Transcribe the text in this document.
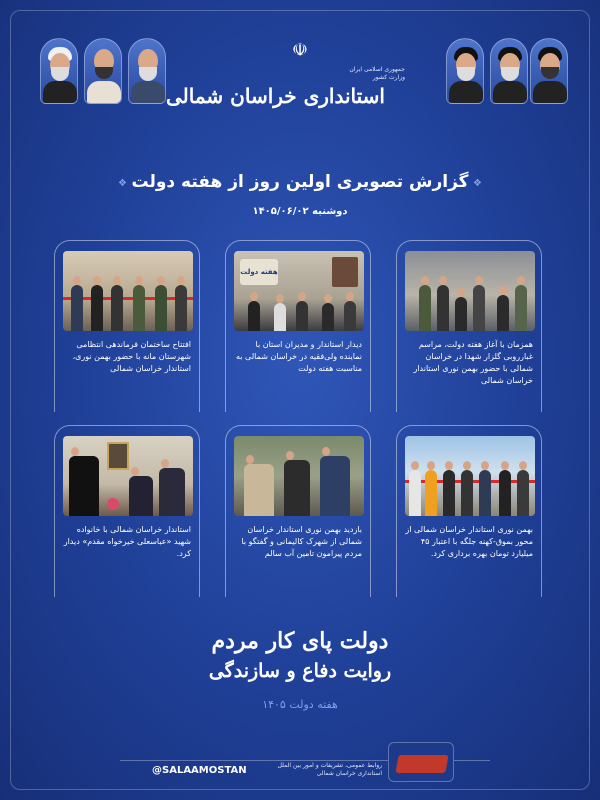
☫
جمهوری اسلامی ایران
وزارت کشور
استانداری خراسان شمالی
❖ گزارش تصویری اولین روز از هفته دولت ❖
دوشنبه ۱۴۰۵/۰۶/۰۲
همزمان با آغاز هفته دولت، مراسم غبارروبی گلزار شهدا در خراسان شمالی با حضور بهمن نوری استاندار خراسان شمالی
هفته دولت
دیدار استاندار و مدیران استان با نماینده ولی‌فقیه در خراسان شمالی به مناسبت هفته دولت
افتتاح ساختمان فرماندهی انتظامی شهرستان مانه با حضور بهمن نوری، استاندار خراسان شمالی
بهمن نوری استاندار خراسان شمالی از محور بموق-کهنه جلگه با اعتبار ۴۵ میلیارد تومان بهره برداری کرد.
بازدید بهمن نوری استاندار خراسان شمالی از شهرک کالیمانی و گفتگو با مردم پیرامون تامین آب سالم
استاندار خراسان شمالی با خانواده شهید «عباسعلی خیرخواه مقدم» دیدار کرد.
دولت پای کار مردم
روایت دفاع و سازندگی
هفته دولت ۱۴۰۵
@SALAAMOSTAN	روابط عمومی، تشریفات و امور بین الملل
استانداری خراسان شمالی
